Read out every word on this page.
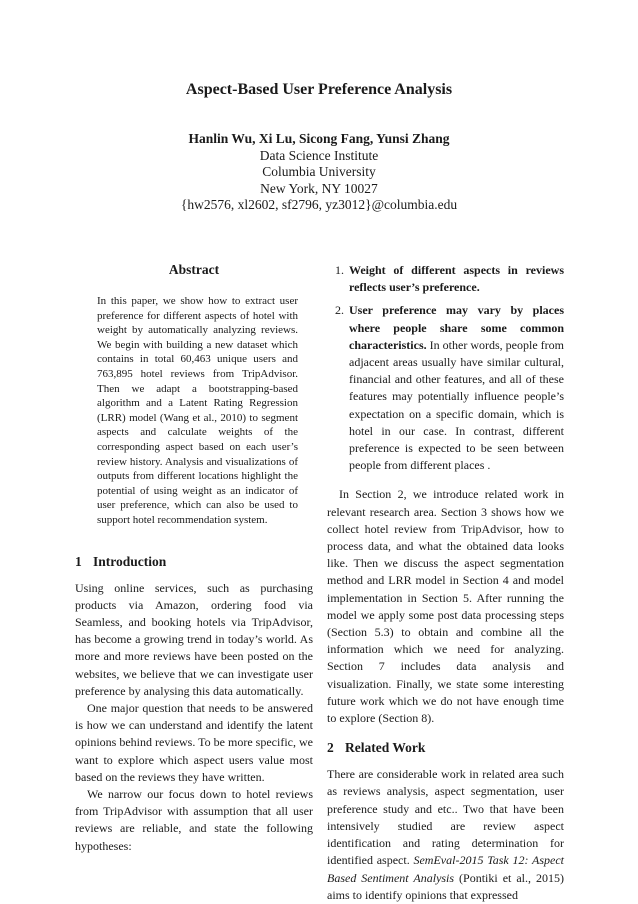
Aspect-Based User Preference Analysis
Hanlin Wu, Xi Lu, Sicong Fang, Yunsi Zhang
Data Science Institute
Columbia University
New York, NY 10027
{hw2576, xl2602, sf2796, yz3012}@columbia.edu
Abstract

In this paper, we show how to extract user preference for different aspects of hotel with weight by automatically analyzing reviews. We begin with building a new dataset which contains in total 60,463 unique users and 763,895 hotel reviews from TripAdvisor. Then we adapt a bootstrapping-based algorithm and a Latent Rating Regression (LRR) model (Wang et al., 2010) to segment aspects and calculate weights of the corresponding aspect based on each user’s review history. Analysis and visualizations of outputs from different locations highlight the potential of using weight as an indicator of user preference, which can also be used to support hotel recommendation system.

1 Introduction

Using online services, such as purchasing products via Amazon, ordering food via Seamless, and booking hotels via TripAdvisor, has become a growing trend in today’s world. As more and more reviews have been posted on the websites, we believe that we can investigate user preference by analysing this data automatically.

One major question that needs to be answered is how we can understand and identify the latent opinions behind reviews. To be more specific, we want to explore which aspect users value most based on the reviews they have written.

We narrow our focus down to hotel reviews from TripAdvisor with assumption that all user reviews are reliable, and state the following hypotheses:

1. Weight of different aspects in reviews reflects user’s preference.
2. User preference may vary by places where people share some common characteristics. In other words, people from adjacent areas usually have similar cultural, financial and other features, and all of these features may potentially influence people’s expectation on a specific domain, which is hotel in our case. In contrast, different preference is expected to be seen between people from different places .

In Section 2, we introduce related work in relevant research area. Section 3 shows how we collect hotel review from TripAdvisor, how to process data, and what the obtained data looks like. Then we discuss the aspect segmentation method and LRR model in Section 4 and model implementation in Section 5. After running the model we apply some post data processing steps (Section 5.3) to obtain and combine all the information which we need for analyzing. Section 7 includes data analysis and visualization. Finally, we state some interesting future work which we do not have enough time to explore (Section 8).

2 Related Work

There are considerable work in related area such as reviews analysis, aspect segmentation, user preference study and etc.. Two that have been intensively studied are review aspect identification and rating determination for identified aspect. SemEval-2015 Task 12: Aspect Based Sentiment Analysis (Pontiki et al., 2015) aims to identify opinions that expressed
